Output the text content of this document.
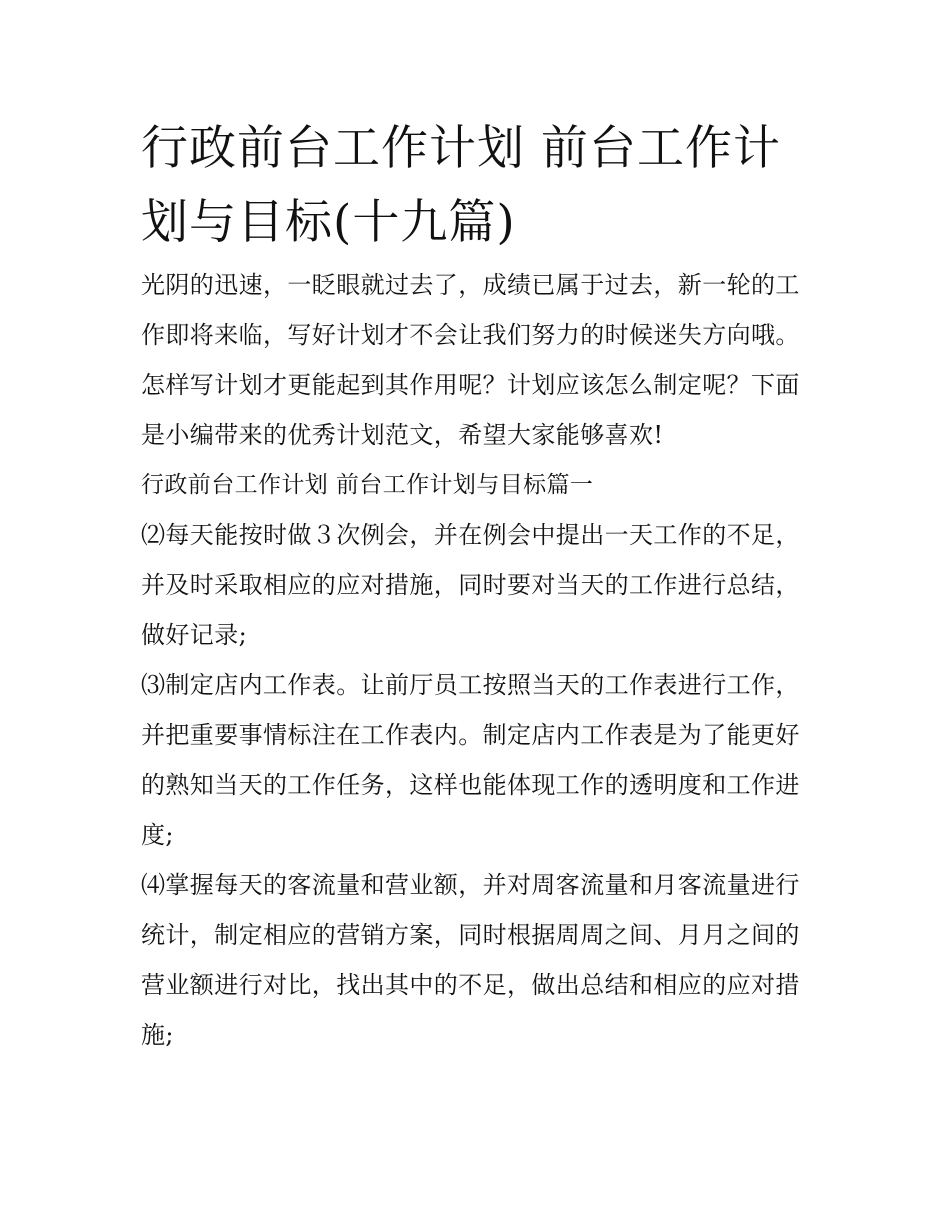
行政前台工作计划 前台工作计划与目标(十九篇)

光阴的迅速，一眨眼就过去了，成绩已属于过去，新一轮的工作即将来临，写好计划才不会让我们努力的时候迷失方向哦。怎样写计划才更能起到其作用呢？计划应该怎么制定呢？下面是小编带来的优秀计划范文，希望大家能够喜欢!

行政前台工作计划 前台工作计划与目标篇一

⑵每天能按时做３次例会，并在例会中提出一天工作的不足，并及时采取相应的应对措施，同时要对当天的工作进行总结，做好记录;

⑶制定店内工作表。让前厅员工按照当天的工作表进行工作，并把重要事情标注在工作表内。制定店内工作表是为了能更好的熟知当天的工作任务，这样也能体现工作的透明度和工作进度;

⑷掌握每天的客流量和营业额，并对周客流量和月客流量进行统计，制定相应的营销方案，同时根据周周之间、月月之间的营业额进行对比，找出其中的不足，做出总结和相应的应对措施;
